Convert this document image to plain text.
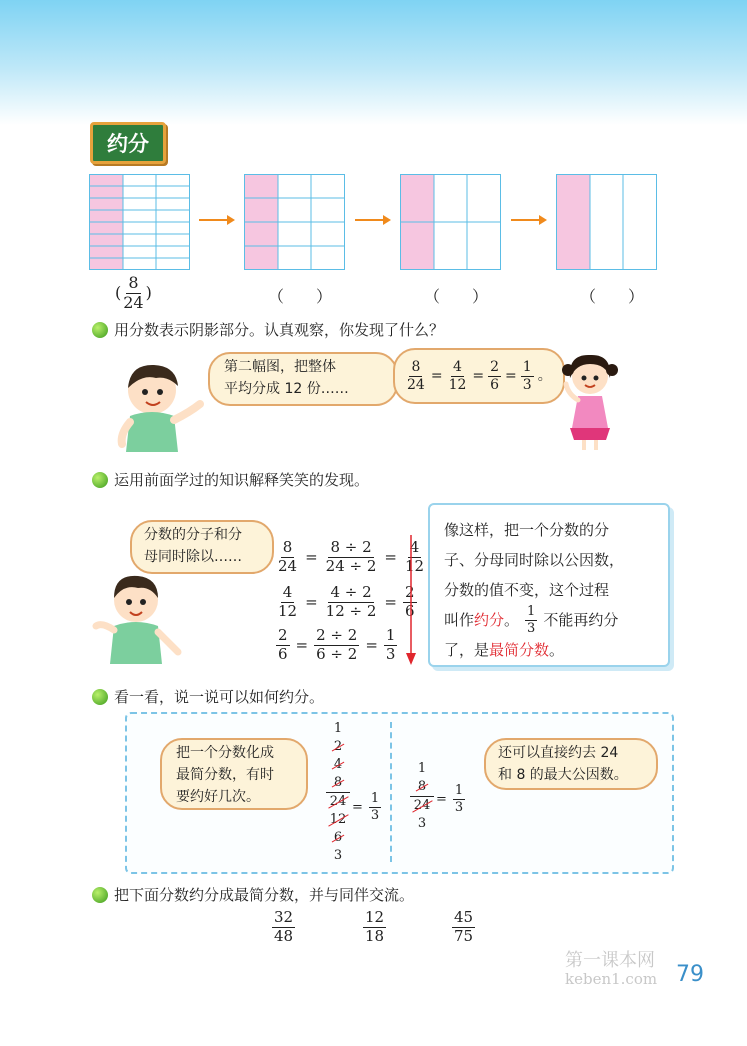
约分
( $\frac{8}{24}$ )	（　　）	（　　）	（　　）
用分数表示阴影部分。认真观察，你发现了什么？
第二幅图，把整体
平均分成 12 份……	$\frac{8}{24} = \frac{4}{12} = \frac{2}{6} = \frac{1}{3}$ 。
运用前面学过的知识解释笑笑的发现。
分数的分子和分
母同时除以……	$\frac{8}{24} = \frac{8 \div 2}{24 \div 2} = \frac{4}{12}$
$\frac{4}{12} = \frac{4 \div 2}{12 \div 2} = \frac{2}{6}$
$\frac{2}{6} = \frac{2 \div 2}{6 \div 2} = \frac{1}{3}$
像这样，把一个分数的分
子、分母同时除以公因数，
分数的值不变，这个过程
叫作 约分 。 $\frac{1}{3}$ 不能再约分
了，是最简分数。
看一看，说一说可以如何约分。
把一个分数化成
最简分数，有时
要约好几次。
1
2
4
8
24
12
6
3
= $\frac{1}{3}$
1
8
24
3
= $\frac{1}{3}$
还可以直接约去 24
和 8 的最大公因数。
把下面分数约分成最简分数，并与同伴交流。
$\frac{32}{48}$	$\frac{12}{18}$	$\frac{45}{75}$
第一课本网
keben1.com 79
